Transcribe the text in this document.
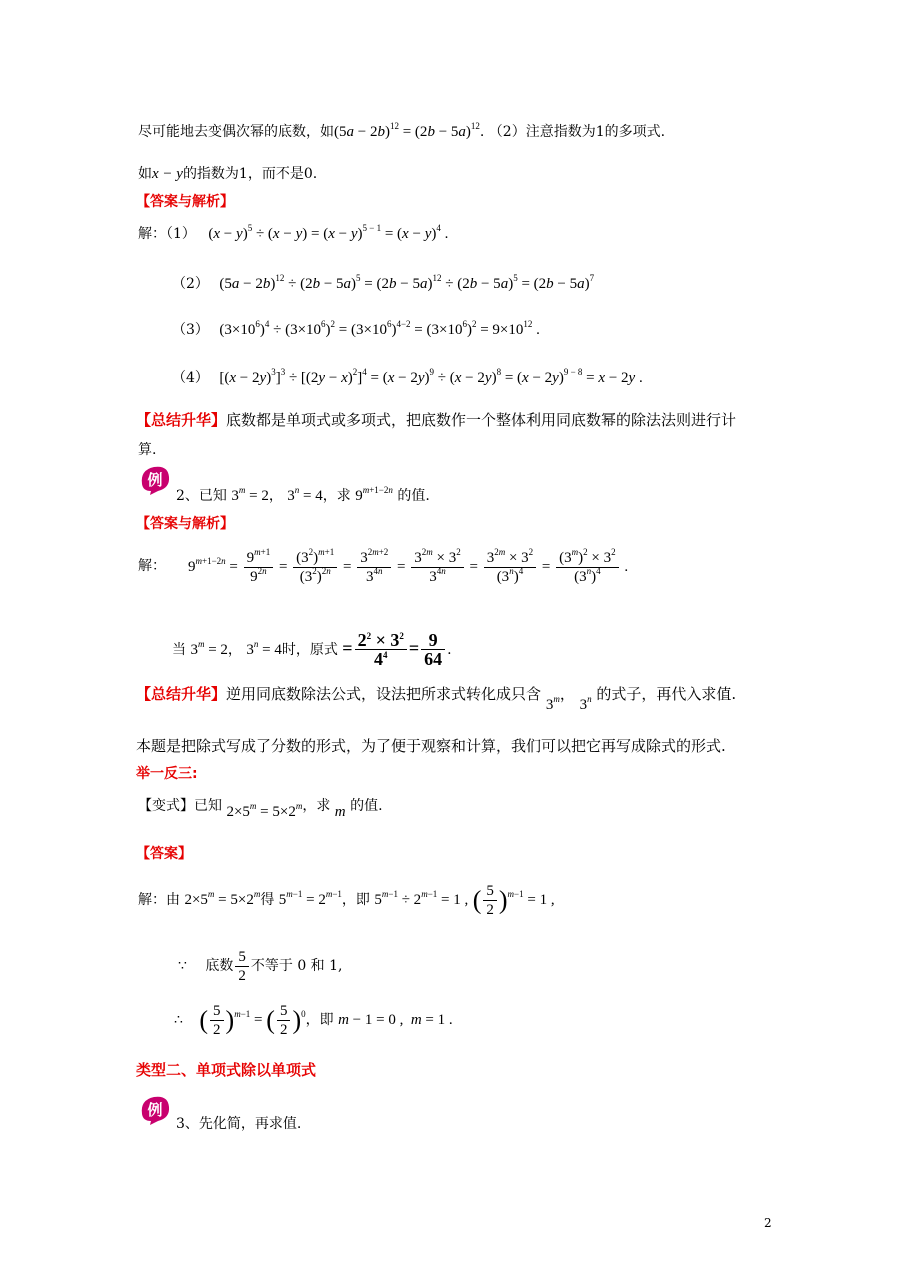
尽可能地去变偶次幂的底数，如$(5a - 2b)^{12} = (2b - 5a)^{12}$. （2）注意指数为1的多项式.
如x − y的指数为1，而不是0.
【答案与解析】
解：（1） $(x - y)^5 \div (x - y) = (x - y)^{5 - 1} = (x - y)^4$ .
（2） $(5a - 2b)^{12} \div (2b - 5a)^5 = (2b - 5a)^{12} \div (2b - 5a)^5 = (2b - 5a)^7$
（3） $(3\times 10^6)^4 \div (3\times 10^6)^2 = (3\times 10^6)^{4-2} = (3\times 10^6)^2 = 9\times 10^{12}$ .
（4） $[(x - 2y)^3]^3 \div [(2y - x)^2]^4 = (x - 2y)^9 \div (x - 2y)^8 = (x - 2y)^{9 - 8} = x - 2y$ .
【总结升华】底数都是单项式或多项式，把底数作一个整体利用同底数幂的除法法则进行计
算.
例
2、已知 $3^m = 2$， $3^n = 4$，求 $9^{m+1-2n}$ 的值.
【答案与解析】
解： $9^{m+1-2n} = \frac{9^{m+1}}{9^{2n}} = \frac{(3^2)^{m+1}}{(3^2)^{2n}} = \frac{3^{2m+2}}{3^{4n}} = \frac{3^{2m} \times 3^2}{3^{4n}} = \frac{3^{2m} \times 3^2}{(3^n)^4} = \frac{(3^m)^2 \times 3^2}{(3^n)^4}$ .
当 $3^m = 2$， $3^n = 4$时，原式 = $\frac{2^2 \times 3^2}{4^4} = \frac{9}{64}$ .
【总结升华】逆用同底数除法公式，设法把所求式转化成只含 3$^m$， 3$^n$ 的式子，再代入求值.
本题是把除式写成了分数的形式，为了便于观察和计算，我们可以把它再写成除式的形式.
举一反三:
【变式】已知 $2\times 5^m = 5\times 2^m$，求 m 的值.
【答案】
解：由 $2\times 5^m = 5\times 2^m$得 $5^{m-1} = 2^{m-1}$，即 $5^{m-1} \div 2^{m-1} = 1$ , ( $\frac{5}{2} )^{m-1} = 1$ ,
∵ 底数 $\frac{5}{2}$ 不等于 0 和 1,
∴ ( $\frac{5}{2} )^{m-1}$ = ( $\frac{5}{2} )^0$，即 m − 1 = 0 ,  m = 1 .
类型二、单项式除以单项式
例
3、先化简，再求值.
2
